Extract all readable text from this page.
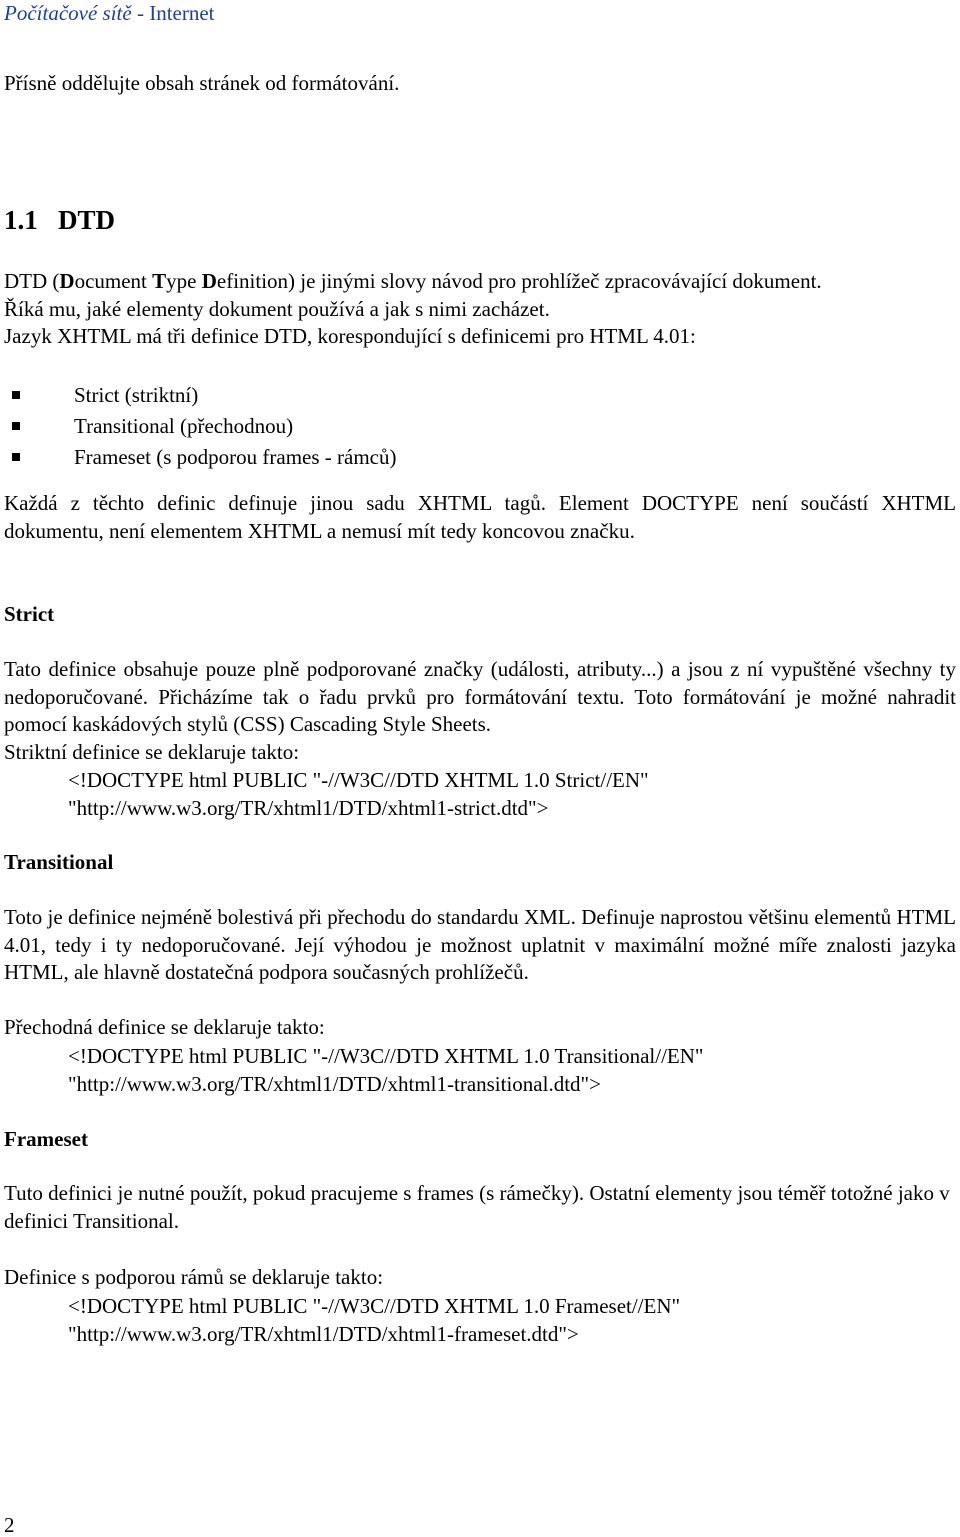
Počítačové sítě - Internet
Přísně oddělujte obsah stránek od formátování.
1.1 DTD
DTD (Document Type Definition) je jinými slovy návod pro prohlížeč zpracovávající dokument.
Říká mu, jaké elementy dokument používá a jak s nimi zacházet.
Jazyk XHTML má tři definice DTD, korespondující s definicemi pro HTML 4.01:
Strict (striktní)
Transitional (přechodnou)
Frameset (s podporou frames - rámců)
Každá z těchto definic definuje jinou sadu XHTML tagů. Element DOCTYPE není součástí XHTML dokumentu, není elementem XHTML a nemusí mít tedy koncovou značku.
Strict
Tato definice obsahuje pouze plně podporované značky (události, atributy...) a jsou z ní vypuštěné všechny ty nedoporučované. Přicházíme tak o řadu prvků pro formátování textu. Toto formátování je možné nahradit pomocí kaskádových stylů (CSS) Cascading Style Sheets.
Striktní definice se deklaruje takto:
<!DOCTYPE html PUBLIC "-//W3C//DTD XHTML 1.0 Strict//EN"
"http://www.w3.org/TR/xhtml1/DTD/xhtml1-strict.dtd">
Transitional
Toto je definice nejméně bolestivá při přechodu do standardu XML. Definuje naprostou většinu elementů HTML 4.01, tedy i ty nedoporučované. Její výhodou je možnost uplatnit v maximální možné míře znalosti jazyka HTML, ale hlavně dostatečná podpora současných prohlížečů.
Přechodná definice se deklaruje takto:
<!DOCTYPE html PUBLIC "-//W3C//DTD XHTML 1.0 Transitional//EN"
"http://www.w3.org/TR/xhtml1/DTD/xhtml1-transitional.dtd">
Frameset
Tuto definici je nutné použít, pokud pracujeme s frames (s rámečky). Ostatní elementy jsou téměř totožné jako v definici Transitional.
Definice s podporou rámů se deklaruje takto:
<!DOCTYPE html PUBLIC "-//W3C//DTD XHTML 1.0 Frameset//EN"
"http://www.w3.org/TR/xhtml1/DTD/xhtml1-frameset.dtd">
2
